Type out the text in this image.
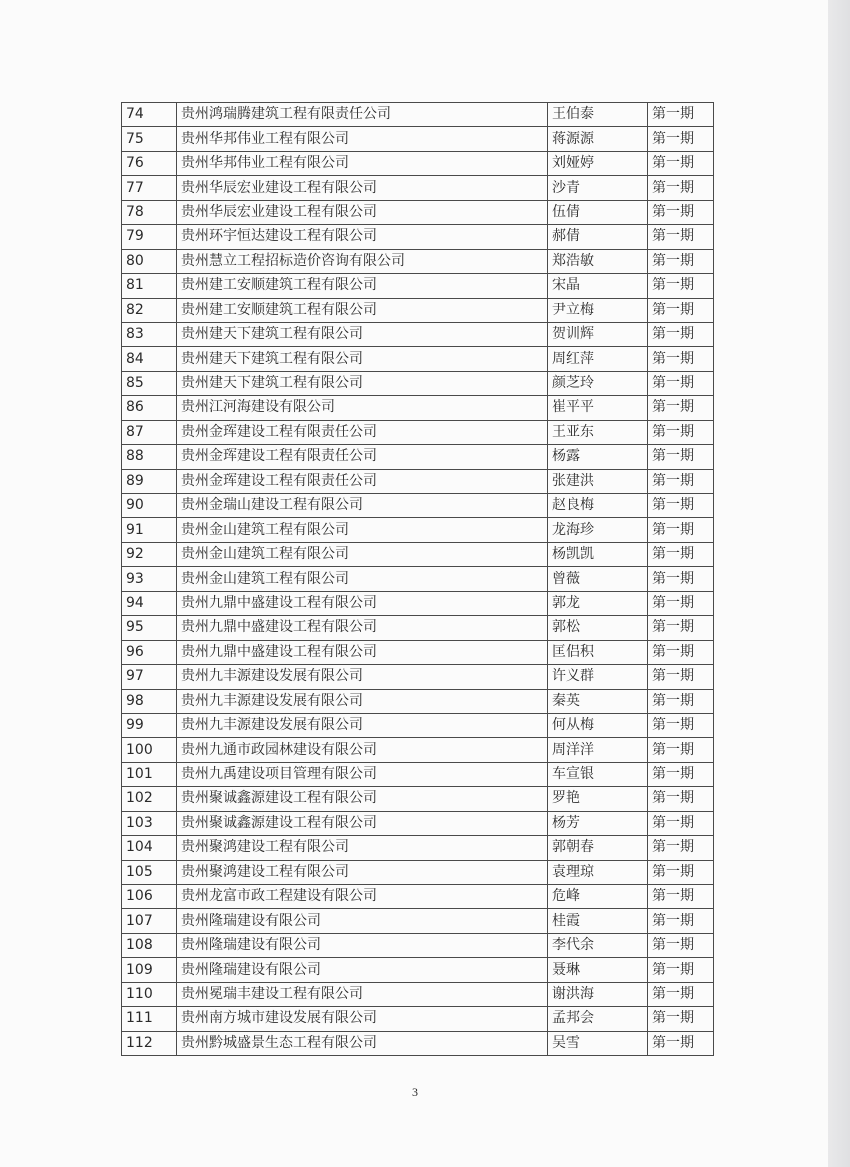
74	贵州鸿瑞腾建筑工程有限责任公司	王伯泰	第一期
75	贵州华邦伟业工程有限公司	蒋源源	第一期
76	贵州华邦伟业工程有限公司	刘娅婷	第一期
77	贵州华辰宏业建设工程有限公司	沙青	第一期
78	贵州华辰宏业建设工程有限公司	伍倩	第一期
79	贵州环宇恒达建设工程有限公司	郝倩	第一期
80	贵州慧立工程招标造价咨询有限公司	郑浩敏	第一期
81	贵州建工安顺建筑工程有限公司	宋晶	第一期
82	贵州建工安顺建筑工程有限公司	尹立梅	第一期
83	贵州建天下建筑工程有限公司	贺训辉	第一期
84	贵州建天下建筑工程有限公司	周红萍	第一期
85	贵州建天下建筑工程有限公司	颜芝玲	第一期
86	贵州江河海建设有限公司	崔平平	第一期
87	贵州金珲建设工程有限责任公司	王亚东	第一期
88	贵州金珲建设工程有限责任公司	杨露	第一期
89	贵州金珲建设工程有限责任公司	张建洪	第一期
90	贵州金瑞山建设工程有限公司	赵良梅	第一期
91	贵州金山建筑工程有限公司	龙海珍	第一期
92	贵州金山建筑工程有限公司	杨凯凯	第一期
93	贵州金山建筑工程有限公司	曾薇	第一期
94	贵州九鼎中盛建设工程有限公司	郭龙	第一期
95	贵州九鼎中盛建设工程有限公司	郭松	第一期
96	贵州九鼎中盛建设工程有限公司	匡侣积	第一期
97	贵州九丰源建设发展有限公司	许义群	第一期
98	贵州九丰源建设发展有限公司	秦英	第一期
99	贵州九丰源建设发展有限公司	何从梅	第一期
100	贵州九通市政园林建设有限公司	周洋洋	第一期
101	贵州九禹建设项目管理有限公司	车宣银	第一期
102	贵州聚诚鑫源建设工程有限公司	罗艳	第一期
103	贵州聚诚鑫源建设工程有限公司	杨芳	第一期
104	贵州聚鸿建设工程有限公司	郭朝春	第一期
105	贵州聚鸿建设工程有限公司	袁理琼	第一期
106	贵州龙富市政工程建设有限公司	危峰	第一期
107	贵州隆瑞建设有限公司	桂霞	第一期
108	贵州隆瑞建设有限公司	李代余	第一期
109	贵州隆瑞建设有限公司	聂琳	第一期
110	贵州冕瑞丰建设工程有限公司	谢洪海	第一期
111	贵州南方城市建设发展有限公司	孟邦会	第一期
112	贵州黔城盛景生态工程有限公司	吴雪	第一期
3
